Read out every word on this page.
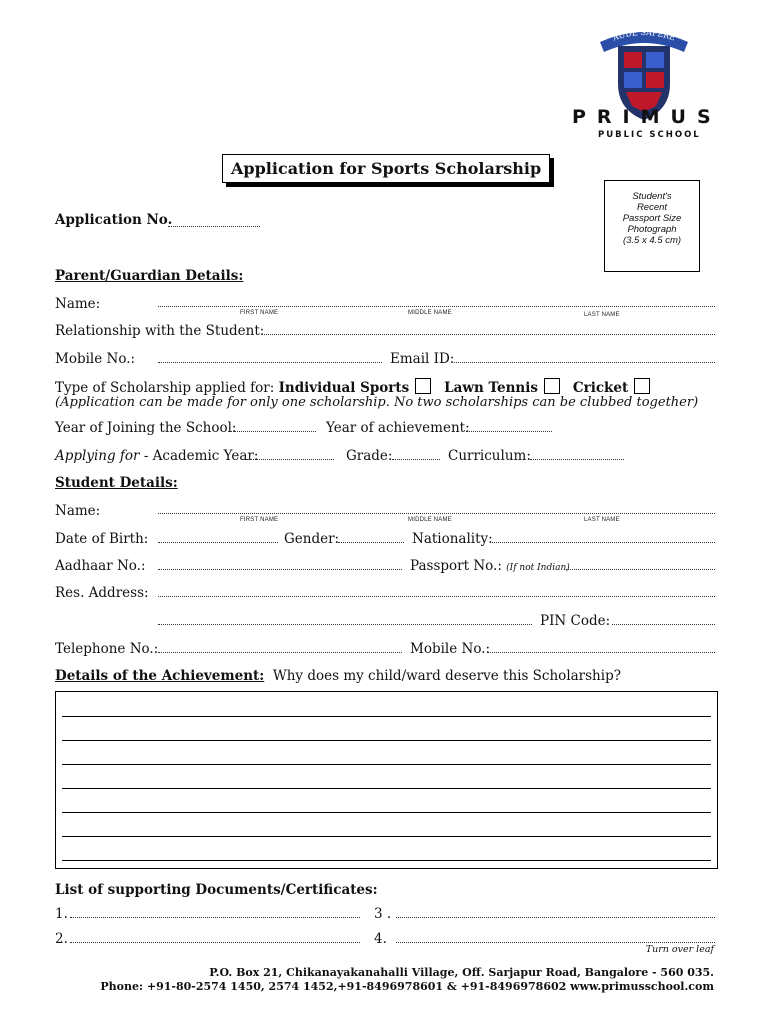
AUDE SAPERE
PRIMUS
PUBLIC SCHOOL
Application for Sports Scholarship
Student's
Recent
Passport Size
Photograph
(3.5 x 4.5 cm)
Application No.
Parent/Guardian Details:
Name:
FIRST NAME	MIDDLE NAME	LAST NAME
Relationship with the Student:
Mobile No.:	Email ID:
Type of Scholarship applied for: Individual Sports	Lawn Tennis	Cricket
(Application can be made for only one scholarship. No two scholarships can be clubbed together)
Year of Joining the School:	Year of achievement:
Applying for - Academic Year:	Grade:	Curriculum:
Student Details:
Name:
FIRST NAME	MIDDLE NAME	LAST NAME
Date of Birth:	Gender:	Nationality:
Aadhaar No.:	Passport No.: (If not Indian)
Res. Address:
PIN Code:
Telephone No.:	Mobile No.:
Details of the Achievement: Why does my child/ward deserve this Scholarship?
List of supporting Documents/Certificates:
1.	3 .
2.	4.
Turn over leaf
P.O. Box 21, Chikanayakanahalli Village, Off. Sarjapur Road, Bangalore - 560 035.
Phone: +91-80-2574 1450, 2574 1452,+91-8496978601 & +91-8496978602 www.primusschool.com
